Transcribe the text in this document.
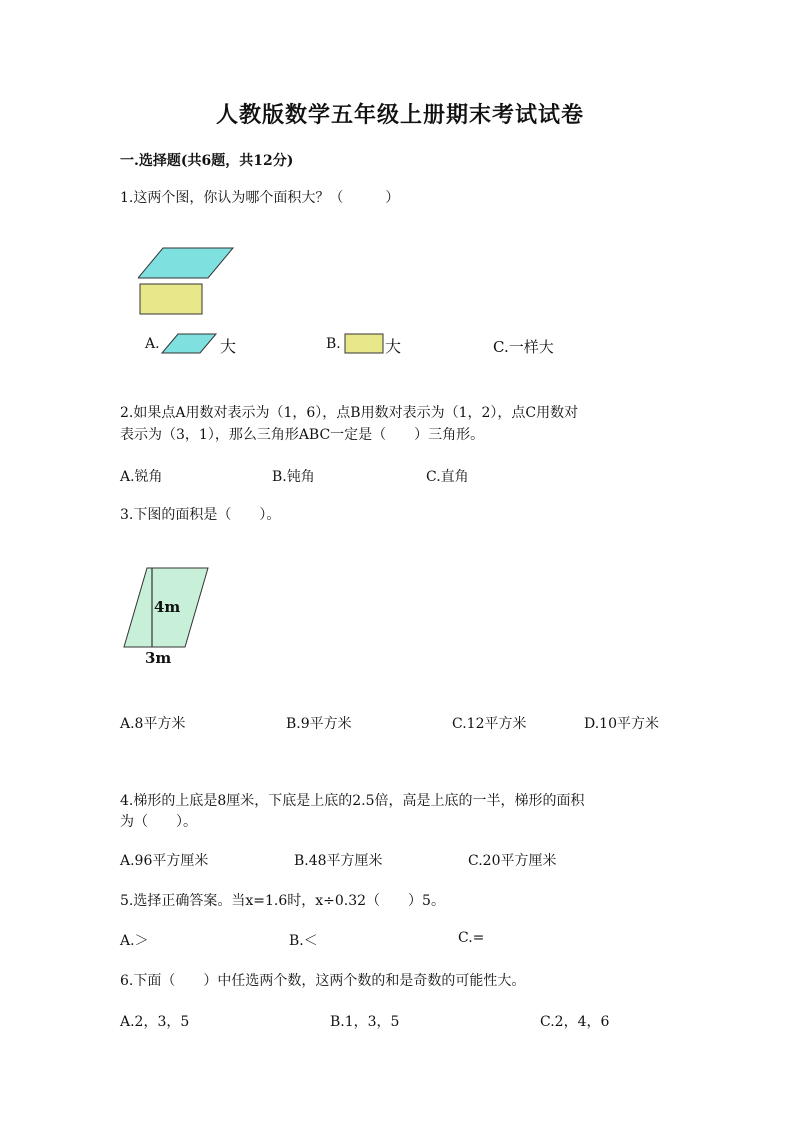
人教版数学五年级上册期末考试试卷
一.选择题(共6题，共12分)
1.这两个图，你认为哪个面积大？（　　　）
A.	大	B.	大	C.一样大
2.如果点A用数对表示为（1，6），点B用数对表示为（1，2），点C用数对
表示为（3，1），那么三角形ABC一定是（　　）三角形。
A.锐角	B.钝角	C.直角
3.下图的面积是（　　）。
4m
3m
A.8平方米	B.9平方米	C.12平方米	D.10平方米
4.梯形的上底是8厘米，下底是上底的2.5倍，高是上底的一半，梯形的面积
为（　　）。
A.96平方厘米	B.48平方厘米	C.20平方厘米
5.选择正确答案。当x=1.6时，x÷0.32（　　）5。
A.＞	B.＜	C.=
6.下面（　　）中任选两个数，这两个数的和是奇数的可能性大。
A.2，3，5	B.1，3，5	C.2，4，6
